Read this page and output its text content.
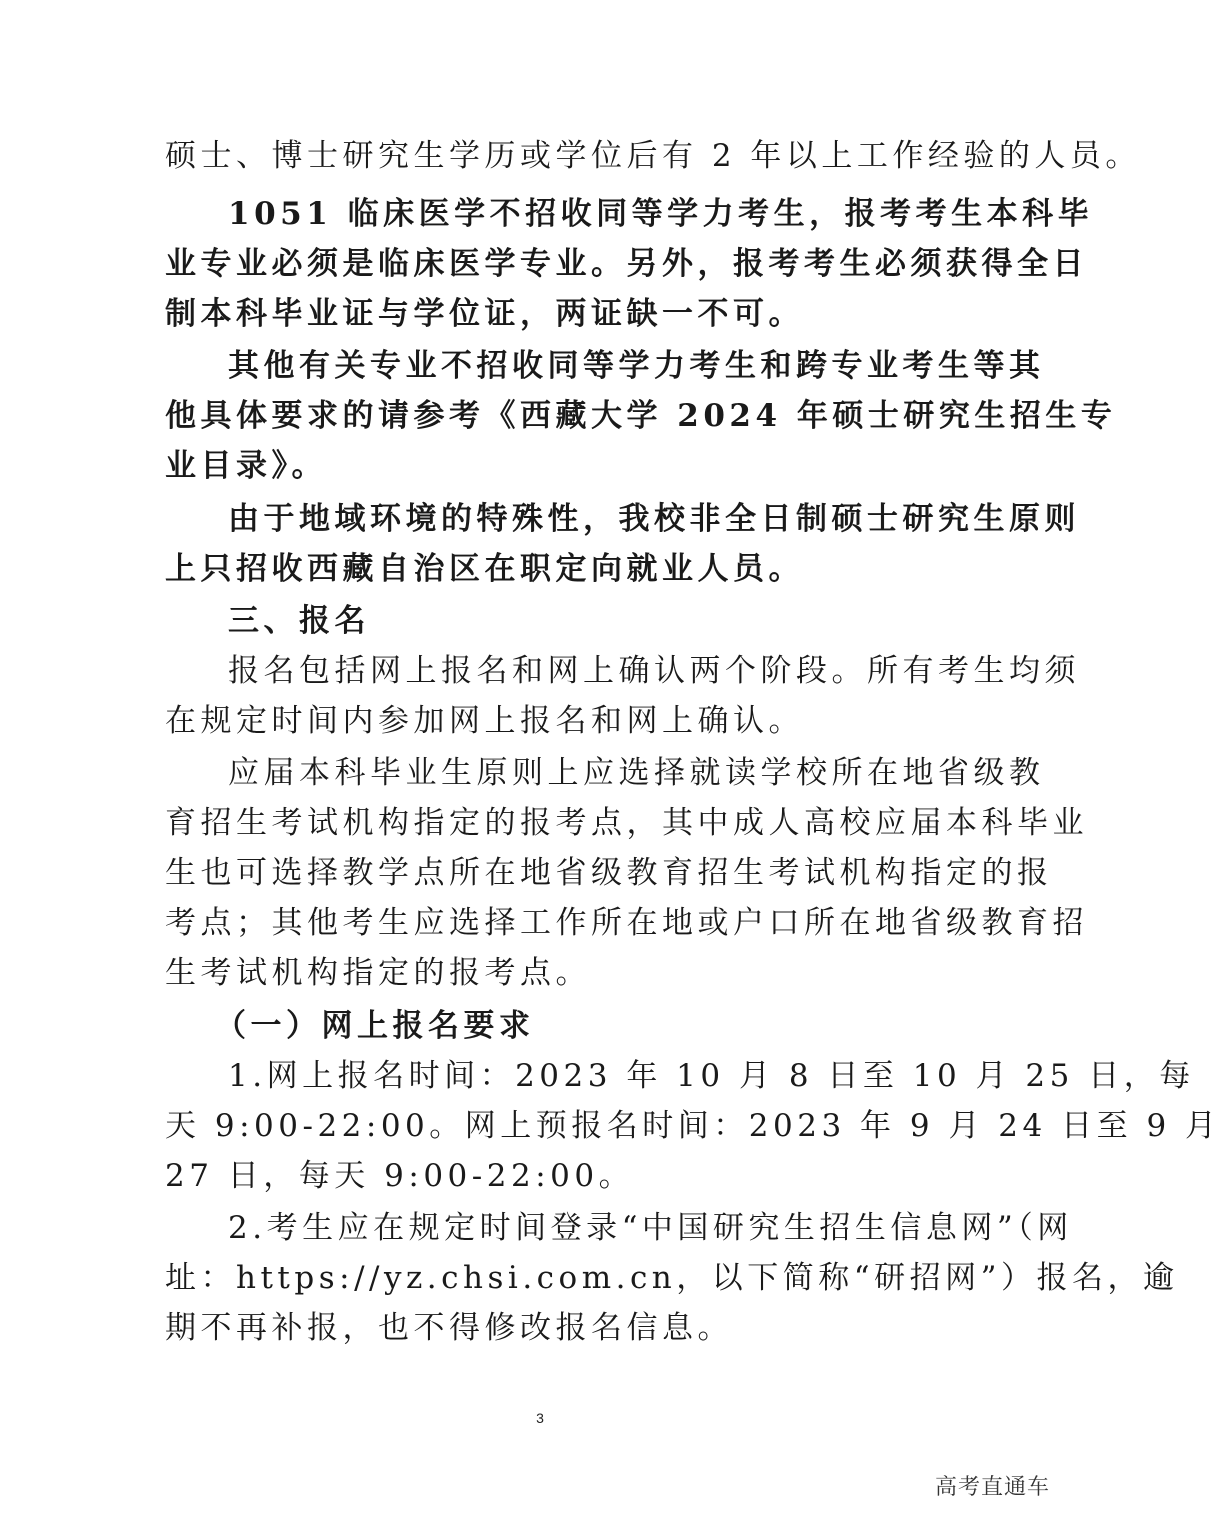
硕士、博士研究生学历或学位后有 2 年以上工作经验的人员。
1051 临床医学不招收同等学力考生，报考考生本科毕
业专业必须是临床医学专业。另外，报考考生必须获得全日
制本科毕业证与学位证，两证缺一不可。
其他有关专业不招收同等学力考生和跨专业考生等其
他具体要求的请参考《西藏大学 2024 年硕士研究生招生专
业目录》。
由于地域环境的特殊性，我校非全日制硕士研究生原则
上只招收西藏自治区在职定向就业人员。
三、报名
报名包括网上报名和网上确认两个阶段。所有考生均须
在规定时间内参加网上报名和网上确认。
应届本科毕业生原则上应选择就读学校所在地省级教
育招生考试机构指定的报考点，其中成人高校应届本科毕业
生也可选择教学点所在地省级教育招生考试机构指定的报
考点；其他考生应选择工作所在地或户口所在地省级教育招
生考试机构指定的报考点。
（一）网上报名要求
1.网上报名时间：2023 年 10 月 8 日至 10 月 25 日，每
天 9:00-22:00。网上预报名时间：2023 年 9 月 24 日至 9 月
27 日，每天 9:00-22:00。
2.考生应在规定时间登录“中国研究生招生信息网”（网
址：https://yz.chsi.com.cn，以下简称“研招网”）报名，逾
期不再补报，也不得修改报名信息。
3
高考直通车
